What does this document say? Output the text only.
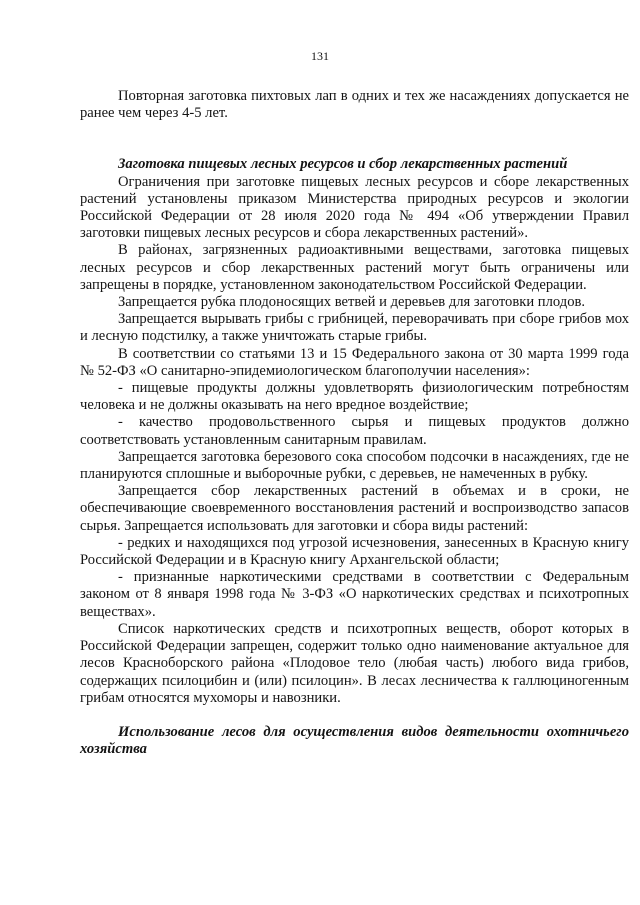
131

Повторная заготовка пихтовых лап в одних и тех же насаждениях допускается не ранее чем через 4-5 лет.

Заготовка пищевых лесных ресурсов и сбор лекарственных растений

Ограничения при заготовке пищевых лесных ресурсов и сборе лекарственных растений установлены приказом Министерства природных ресурсов и экологии Российской Федерации от 28 июля 2020 года № 494 «Об утверждении Правил заготовки пищевых лесных ресурсов и сбора лекарственных растений».

В районах, загрязненных радиоактивными веществами, заготовка пищевых лесных ресурсов и сбор лекарственных растений могут быть ограничены или запрещены в порядке, установленном законодательством Российской Федерации.

Запрещается рубка плодоносящих ветвей и деревьев для заготовки плодов.

Запрещается вырывать грибы с грибницей, переворачивать при сборе грибов мох и лесную подстилку, а также уничтожать старые грибы.

В соответствии со статьями 13 и 15 Федерального закона от 30 марта 1999 года № 52-ФЗ «О санитарно-эпидемиологическом благополучии населения»:

- пищевые продукты должны удовлетворять физиологическим потребностям человека и не должны оказывать на него вредное воздействие;

- качество продовольственного сырья и пищевых продуктов должно соответствовать установленным санитарным правилам.

Запрещается заготовка березового сока способом подсочки в насаждениях, где не планируются сплошные и выборочные рубки, с деревьев, не намеченных в рубку.

Запрещается сбор лекарственных растений в объемах и в сроки, не обеспечивающие своевременного восстановления растений и воспроизводство запасов сырья. Запрещается использовать для заготовки и сбора виды растений:

- редких и находящихся под угрозой исчезновения, занесенных в Красную книгу Российской Федерации и в Красную книгу Архангельской области;

- признанные наркотическими средствами в соответствии с Федеральным законом от 8 января 1998 года № 3-ФЗ «О наркотических средствах и психотропных веществах».

Список наркотических средств и психотропных веществ, оборот которых в Российской Федерации запрещен, содержит только одно наименование актуальное для лесов Красноборского района «Плодовое тело (любая часть) любого вида грибов, содержащих псилоцибин и (или) псилоцин». В лесах лесничества к галлюциногенным грибам относятся мухоморы и навозники.

Использование лесов для осуществления видов деятельности охотничьего хозяйства
